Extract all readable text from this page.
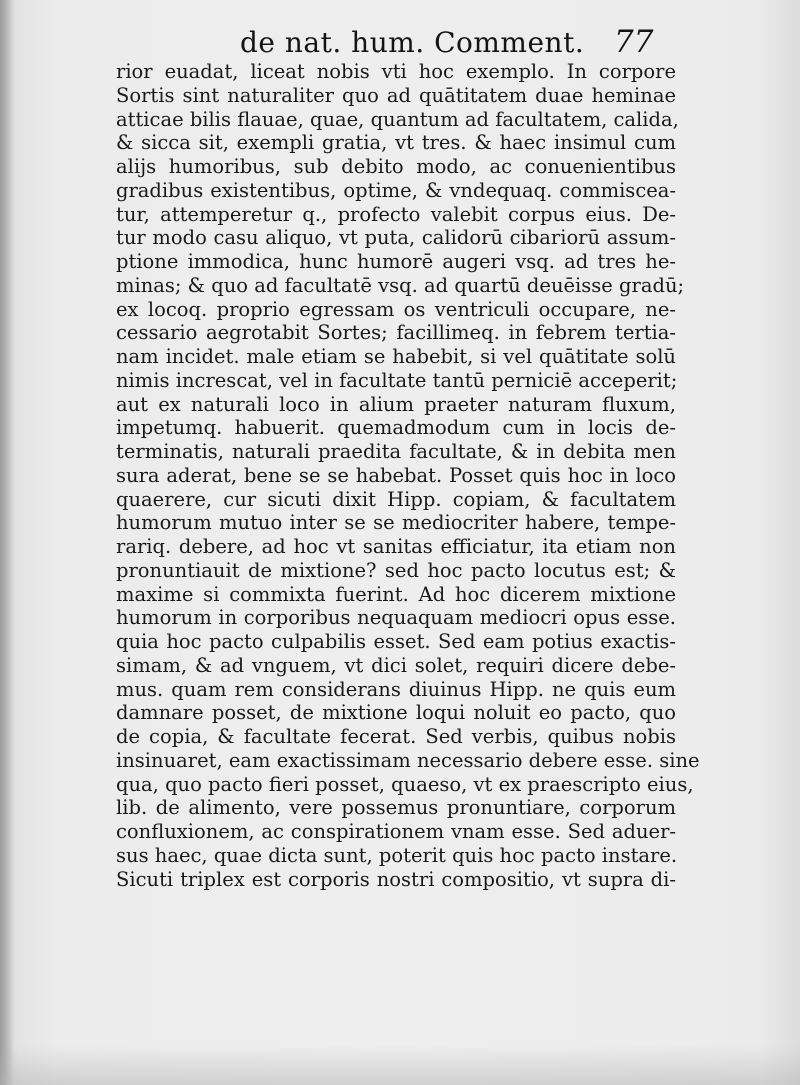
de nat. hum. Comment. 77
rior euadat, liceat nobis vti hoc exemplo. In corpore
Sortis sint naturaliter quo ad quātitatem duae heminae
atticae bilis flauae, quae, quantum ad facultatem, calida,
& sicca sit, exempli gratia, vt tres. & haec insimul cum
alijs humoribus, sub debito modo, ac conuenientibus
gradibus existentibus, optime, & vndequaq. commiscea-
tur, attemperetur q., profecto valebit corpus eius. De-
tur modo casu aliquo, vt puta, calidorū cibariorū assum-
ptione immodica, hunc humorē augeri vsq. ad tres he-
minas; & quo ad facultatē vsq. ad quartū deuēisse gradū;
ex locoq. proprio egressam os ventriculi occupare, ne-
cessario aegrotabit Sortes; facillimeq. in febrem tertia-
nam incidet. male etiam se habebit, si vel quātitate solū
nimis increscat, vel in facultate tantū perniciē acceperit;
aut ex naturali loco in alium praeter naturam fluxum,
impetumq. habuerit. quemadmodum cum in locis de-
terminatis, naturali praedita facultate, & in debita men
sura aderat, bene se se habebat. Posset quis hoc in loco
quaerere, cur sicuti dixit Hipp. copiam, & facultatem
humorum mutuo inter se se mediocriter habere, tempe-
rariq. debere, ad hoc vt sanitas efficiatur, ita etiam non
pronuntiauit de mixtione? sed hoc pacto locutus est; &
maxime si commixta fuerint. Ad hoc dicerem mixtione
humorum in corporibus nequaquam mediocri opus esse.
quia hoc pacto culpabilis esset. Sed eam potius exactis-
simam, & ad vnguem, vt dici solet, requiri dicere debe-
mus. quam rem considerans diuinus Hipp. ne quis eum
damnare posset, de mixtione loqui noluit eo pacto, quo
de copia, & facultate fecerat. Sed verbis, quibus nobis
insinuaret, eam exactissimam necessario debere esse. sine
qua, quo pacto fieri posset, quaeso, vt ex praescripto eius,
lib. de alimento, vere possemus pronuntiare, corporum
confluxionem, ac conspirationem vnam esse. Sed aduer-
sus haec, quae dicta sunt, poterit quis hoc pacto instare.
Sicuti triplex est corporis nostri compositio, vt supra di-
